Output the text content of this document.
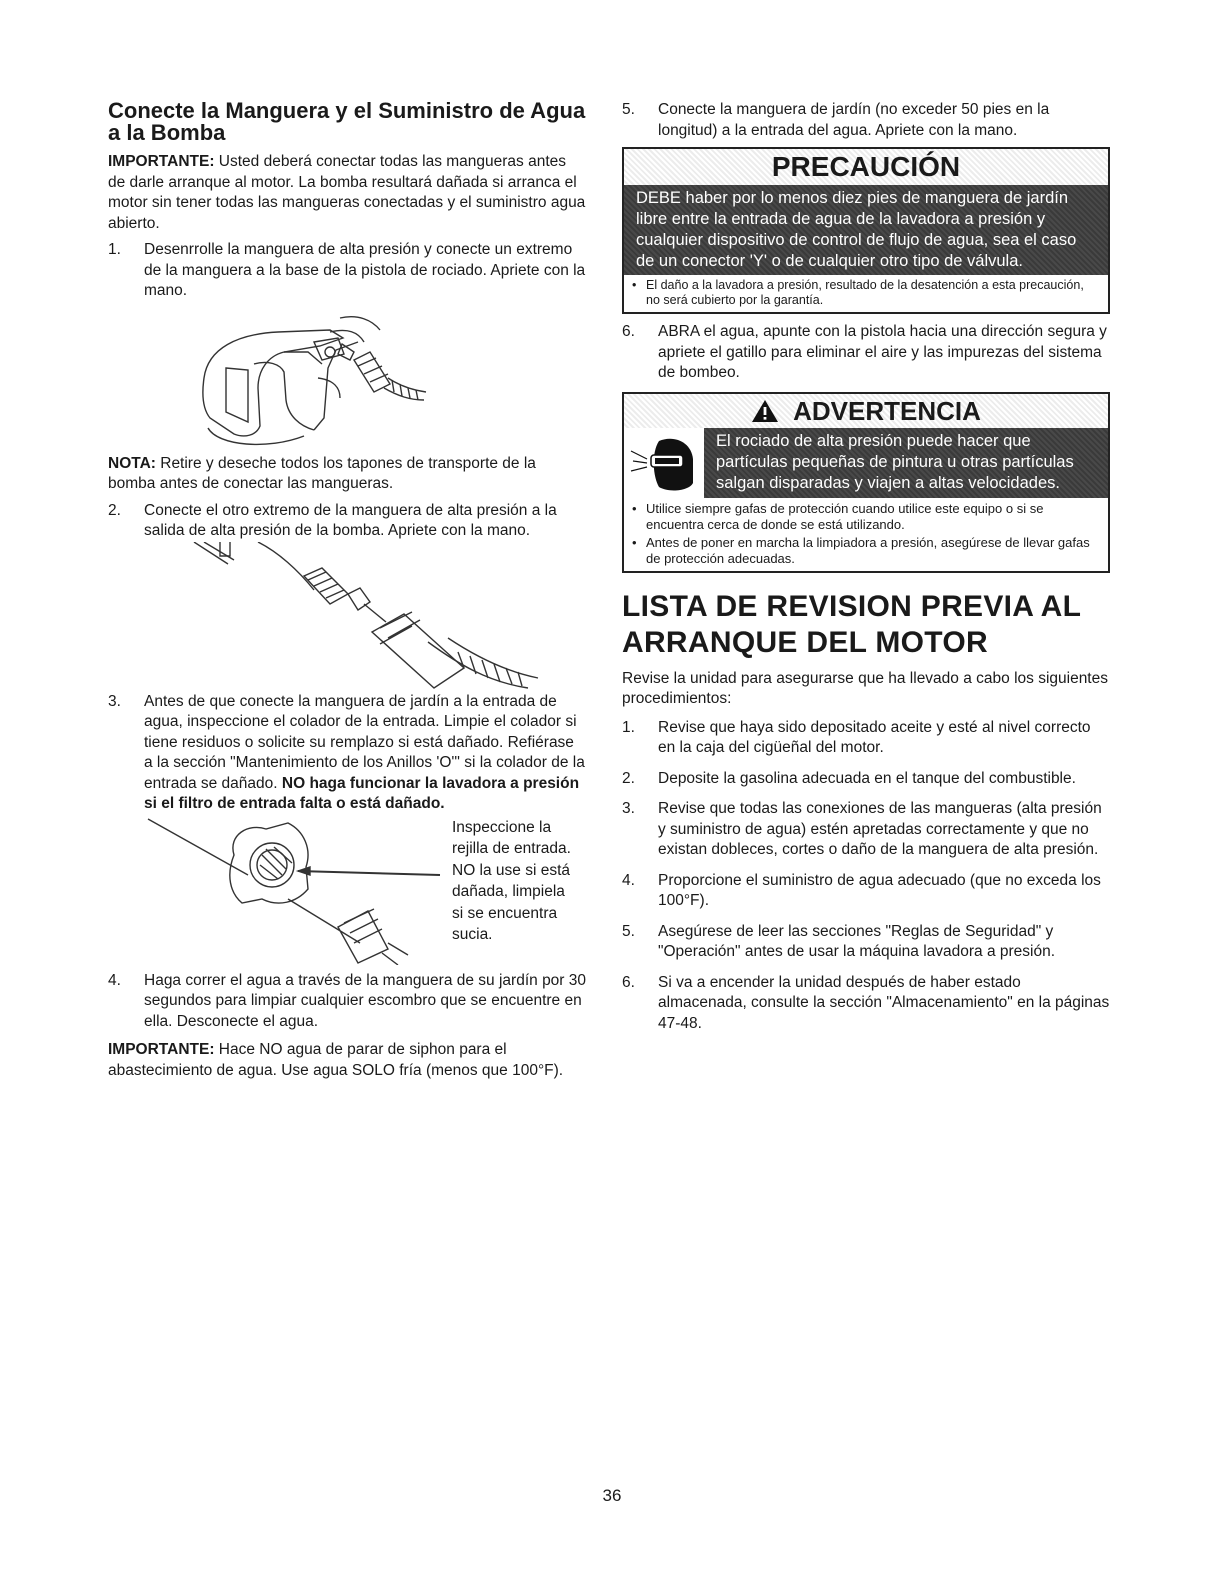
Conecte la Manguera y el Suministro de Agua a la Bomba

IMPORTANTE: Usted deberá conectar todas las mangueras antes de darle arranque al motor. La bomba resultará dañada si arranca el motor sin tener todas las mangueras conectadas y el suministro agua abierto.

1.	Desenrrolle la manguera de alta presión y conecte un extremo de la manguera a la base de la pistola de rociado. Apriete con la mano.

NOTA: Retire y deseche todos los tapones de transporte de la bomba antes de conectar las mangueras.

2.	Conecte el otro extremo de la manguera de alta presión a la salida de alta presión de la bomba. Apriete con la mano.
3.	Antes de que conecte la manguera de jardín a la entrada de agua, inspeccione el colador de la entrada. Limpie el colador si tiene residuos o solicite su remplazo si está dañado. Refiérase a la sección "Mantenimiento de los Anillos 'O'" si la colador de la entrada se dañado. NO haga funcionar la lavadora a presión si el filtro de entrada falta o está dañado.
Inspeccione la
rejilla de entrada.
NO la use si está
dañada, limpiela
si se encuentra
sucia.
4.	Haga correr el agua a través de la manguera de su jardín por 30 segundos para limpiar cualquier escombro que se encuentre en ella. Desconecte el agua.

IMPORTANTE: Hace NO agua de parar de siphon para el abastecimiento de agua. Use agua SOLO fría (menos que 100°F).

5.	Conecte la manguera de jardín (no exceder 50 pies en la longitud) a la entrada del agua. Apriete con la mano.
PRECAUCIÓN
DEBE haber por lo menos diez pies de manguera de jardín libre entre la entrada de agua de la lavadora a presión y cualquier dispositivo de control de flujo de agua, sea el caso de un conector 'Y' o de cualquier otro tipo de válvula.
• El daño a la lavadora a presión, resultado de la desatención a esta precaución, no será cubierto por la garantía.
6.	ABRA el agua, apunte con la pistola hacia una dirección segura y apriete el gatillo para eliminar el aire y las impurezas del sistema de bombeo.
ADVERTENCIA
El rociado de alta presión puede hacer que partículas pequeñas de pintura u otras partículas salgan disparadas y viajen a altas velocidades.
• Utilice siempre gafas de protección cuando utilice este equipo o si se encuentra cerca de donde se está utilizando.
• Antes de poner en marcha la limpiadora a presión, asegúrese de llevar gafas de protección adecuadas.
LISTA DE REVISION PREVIA AL ARRANQUE DEL MOTOR

Revise la unidad para asegurarse que ha llevado a cabo los siguientes procedimientos:

1.	Revise que haya sido depositado aceite y esté al nivel correcto en la caja del cigüeñal del motor.
2.	Deposite la gasolina adecuada en el tanque del combustible.
3.	Revise que todas las conexiones de las mangueras (alta presión y suministro de agua) estén apretadas correctamente y que no existan dobleces, cortes o daño de la manguera de alta presión.
4.	Proporcione el suministro de agua adecuado (que no exceda los 100°F).
5.	Asegúrese de leer las secciones "Reglas de Seguridad" y "Operación" antes de usar la máquina lavadora a presión.
6.	Si va a encender la unidad después de haber estado almacenada, consulte la sección "Almacenamiento" en la páginas 47-48.
36
